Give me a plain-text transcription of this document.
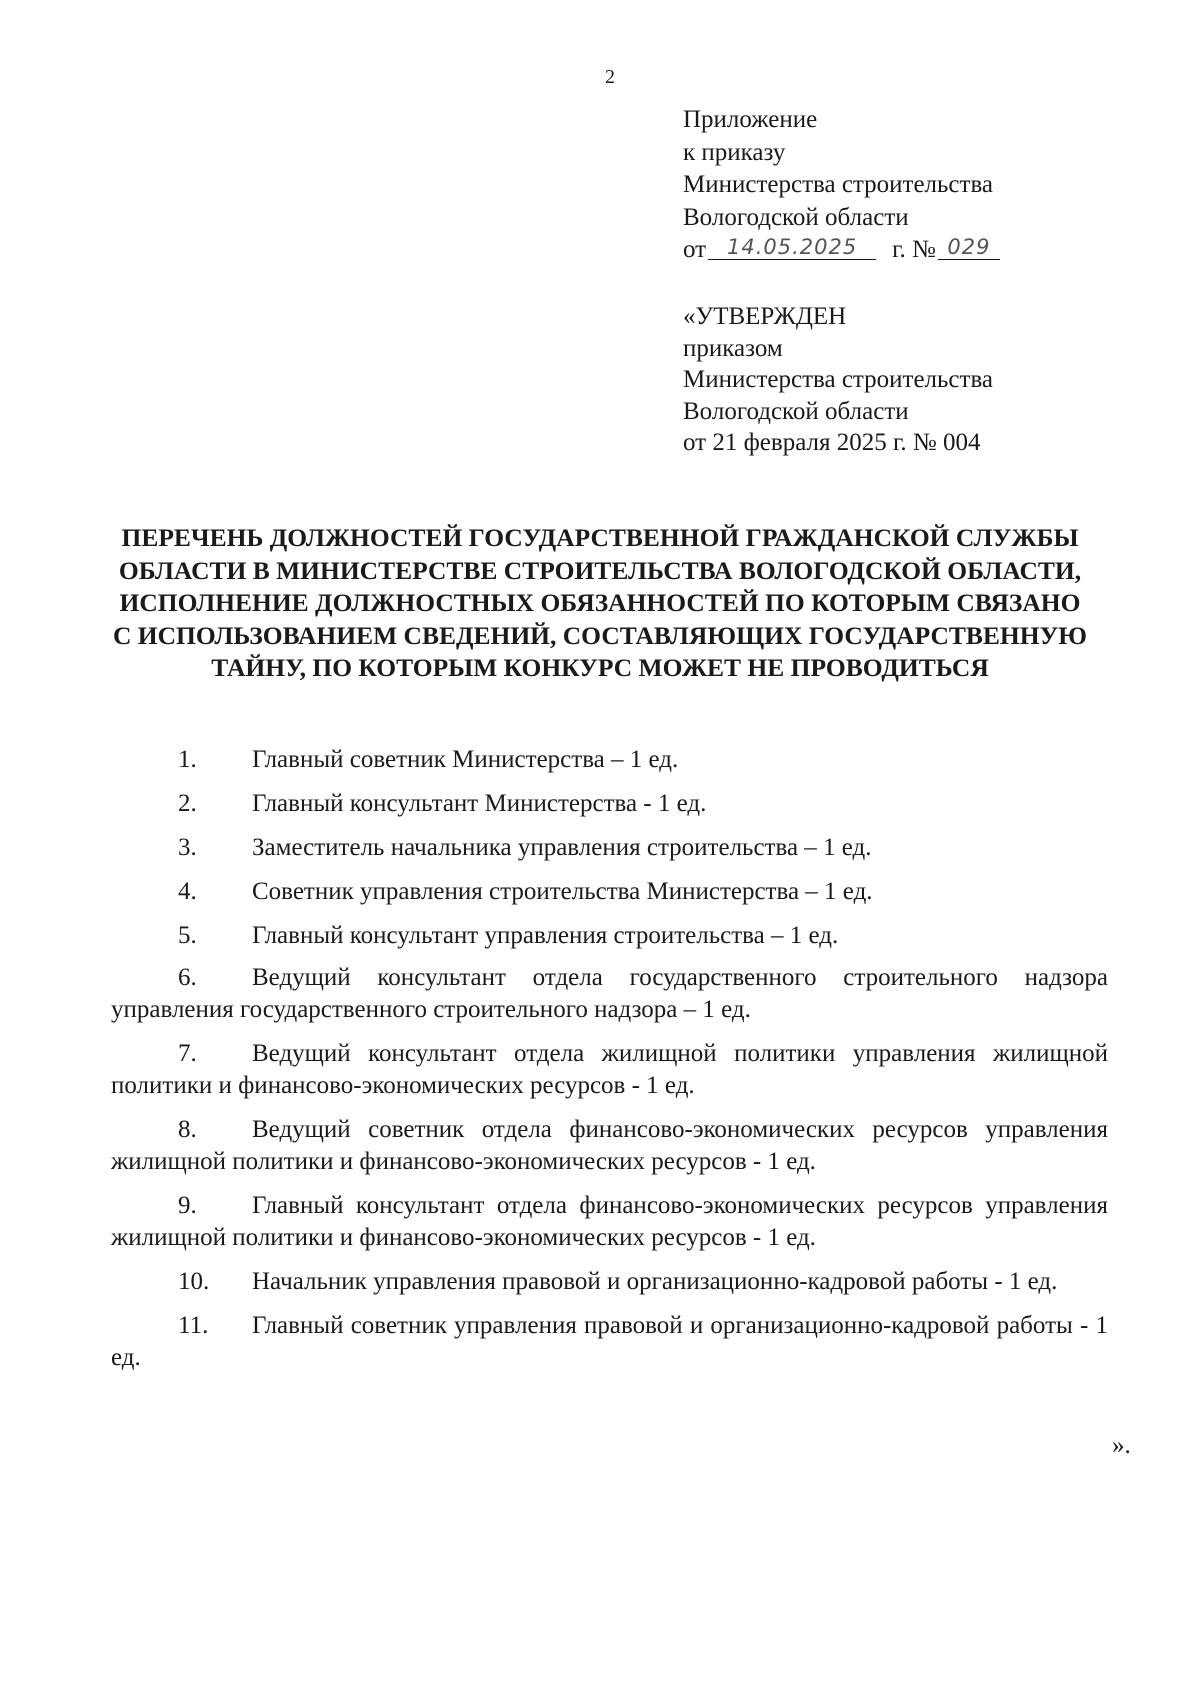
2
Приложение
к приказу
Министерства строительства
Вологодской области
от 14.05.2025 г. № 029
«УТВЕРЖДЕН
приказом
Министерства строительства
Вологодской области
от 21 февраля 2025 г. № 004
ПЕРЕЧЕНЬ ДОЛЖНОСТЕЙ ГОСУДАРСТВЕННОЙ ГРАЖДАНСКОЙ СЛУЖБЫ ОБЛАСТИ В МИНИСТЕРСТВЕ СТРОИТЕЛЬСТВА ВОЛОГОДСКОЙ ОБЛАСТИ, ИСПОЛНЕНИЕ ДОЛЖНОСТНЫХ ОБЯЗАННОСТЕЙ ПО КОТОРЫМ СВЯЗАНО С ИСПОЛЬЗОВАНИЕМ СВЕДЕНИЙ, СОСТАВЛЯЮЩИХ ГОСУДАРСТВЕННУЮ ТАЙНУ, ПО КОТОРЫМ КОНКУРС МОЖЕТ НЕ ПРОВОДИТЬСЯ

1. Главный советник Министерства – 1 ед.

2. Главный консультант Министерства - 1 ед.

3. Заместитель начальника управления строительства – 1 ед.

4. Советник управления строительства Министерства – 1 ед.

5. Главный консультант управления строительства – 1 ед.

6. Ведущий консультант отдела государственного строительного надзора управления государственного строительного надзора – 1 ед.

7. Ведущий консультант отдела жилищной политики управления жилищной политики и финансово-экономических ресурсов - 1 ед.

8. Ведущий советник отдела финансово-экономических ресурсов управления жилищной политики и финансово-экономических ресурсов - 1 ед.

9. Главный консультант отдела финансово-экономических ресурсов управления жилищной политики и финансово-экономических ресурсов - 1 ед.

10. Начальник управления правовой и организационно-кадровой работы - 1 ед.

11. Главный советник управления правовой и организационно-кадровой работы - 1 ед.

».
